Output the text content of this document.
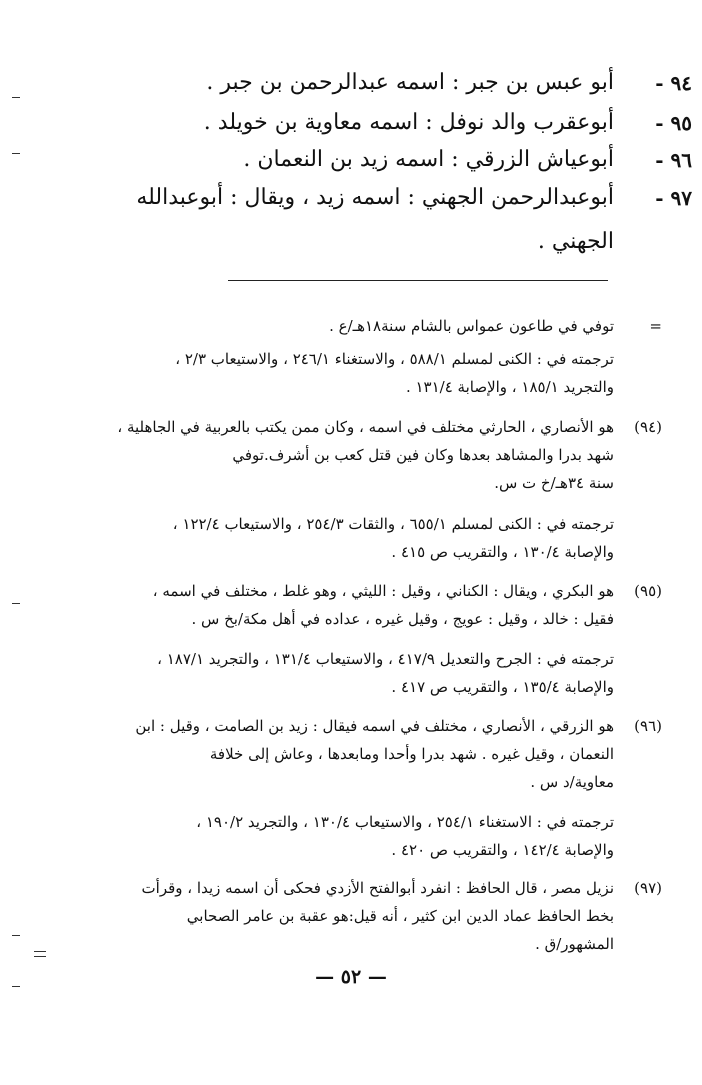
٩٤ -
أبو عبس بن جبر : اسمه عبدالرحمن بن جبر .
٩٥ -
أبوعقرب والد نوفل : اسمه معاوية بن خويلد .
٩٦ -
أبوعياش الزرقي : اسمه زيد بن النعمان .
٩٧ -
أبوعبدالرحمن الجهني : اسمه زيد ، ويقال : أبوعبدالله
الجهني .
=
توفي في طاعون عمواس بالشام سنة١٨هـ/ع .
ترجمته في : الكنى لمسلم ٥٨٨/١ ، والاستغناء ٢٤٦/١ ، والاستيعاب ٢/٣ ،
والتجريد ١٨٥/١ ، والإصابة ١٣١/٤ .
(٩٤)
هو الأنصاري ، الحارثي مختلف في اسمه ، وكان ممن يكتب بالعربية في الجاهلية ،
شهد بدرا والمشاهد بعدها وكان فين قتل كعب بن أشرف.توفي
سنة ٣٤هـ/خ ت س.
ترجمته في : الكنى لمسلم ٦٥٥/١ ، والثقات ٢٥٤/٣ ، والاستيعاب ١٢٢/٤ ،
والإصابة ١٣٠/٤ ، والتقريب ص ٤١٥ .
(٩٥)
هو البكري ، ويقال : الكناني ، وقيل : الليثي ، وهو غلط ، مختلف في اسمه ،
فقيل : خالد ، وقيل : عويج ، وقيل غيره ، عداده في أهل مكة/بخ س .
ترجمته في : الجرح والتعديل ٤١٧/٩ ، والاستيعاب ١٣١/٤ ، والتجريد ١٨٧/١ ،
والإصابة ١٣٥/٤ ، والتقريب ص ٤١٧ .
(٩٦)
هو الزرقي ، الأنصاري ، مختلف في اسمه فيقال : زيد بن الصامت ، وقيل : ابن
النعمان ، وقيل غيره . شهد بدرا وأحدا ومابعدها ، وعاش إلى خلافة
معاوية/د س .
ترجمته في : الاستغناء ٢٥٤/١ ، والاستيعاب ١٣٠/٤ ، والتجريد ١٩٠/٢ ،
والإصابة ١٤٢/٤ ، والتقريب ص ٤٢٠ .
(٩٧)
نزيل مصر ، قال الحافظ : انفرد أبوالفتح الأزدي فحكى أن اسمه زيدا ، وقرأت
بخط الحافظ عماد الدين ابن كثير ، أنه قيل:هو عقبة بن عامر الصحابي
المشهور/ق .
— ٥٢ —
